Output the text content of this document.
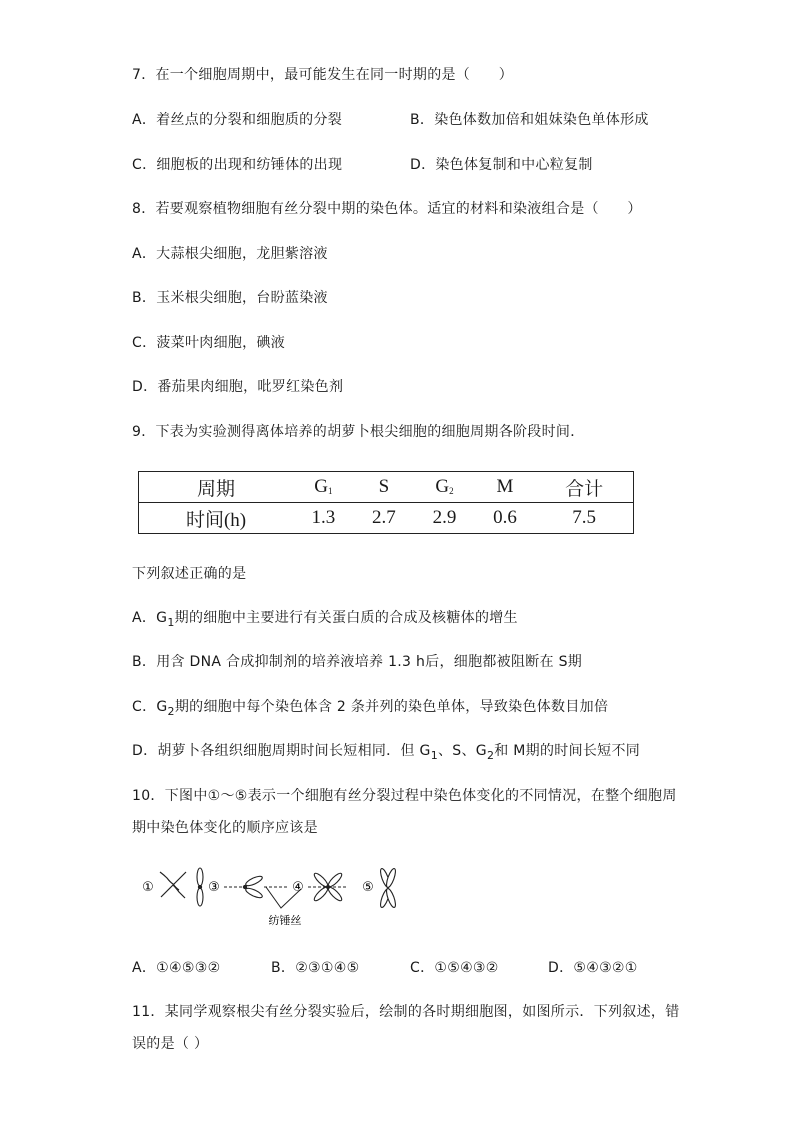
7．在一个细胞周期中，最可能发生在同一时期的是（　　）
A．着丝点的分裂和细胞质的分裂	B．染色体数加倍和姐妹染色单体形成
C．细胞板的出现和纺锤体的出现	D．染色体复制和中心粒复制
8．若要观察植物细胞有丝分裂中期的染色体。适宜的材料和染液组合是（　　）
A．大蒜根尖细胞，龙胆紫溶液
B．玉米根尖细胞，台盼蓝染液
C．菠菜叶肉细胞，碘液
D．番茄果肉细胞，吡罗红染色剂
9．下表为实验测得离体培养的胡萝卜根尖细胞的细胞周期各阶段时间．
周期	$G_1$	S	$G_2$	M	合计
时间(h)	1.3	2.7	2.9	0.6	7.5
下列叙述正确的是
A．$G_1$期的细胞中主要进行有关蛋白质的合成及核糖体的增生
B．用含 DNA 合成抑制剂的培养液培养 1.3 h后，细胞都被阻断在 S期
C．$G_2$期的细胞中每个染色体含 2 条并列的染色单体，导致染色体数目加倍
D．胡萝卜各组织细胞周期时间长短相同．但 $G_1$、S、$G_2$和 M期的时间长短不同
10．下图中①～⑤表示一个细胞有丝分裂过程中染色体变化的不同情况，在整个细胞周
期中染色体变化的顺序应该是
①	③	④	⑤
纺锤丝
A．①④⑤③②	B．②③①④⑤	C．①⑤④③②	D．⑤④③②①
11．某同学观察根尖有丝分裂实验后，绘制的各时期细胞图，如图所示．下列叙述，错
误的是（ ）
